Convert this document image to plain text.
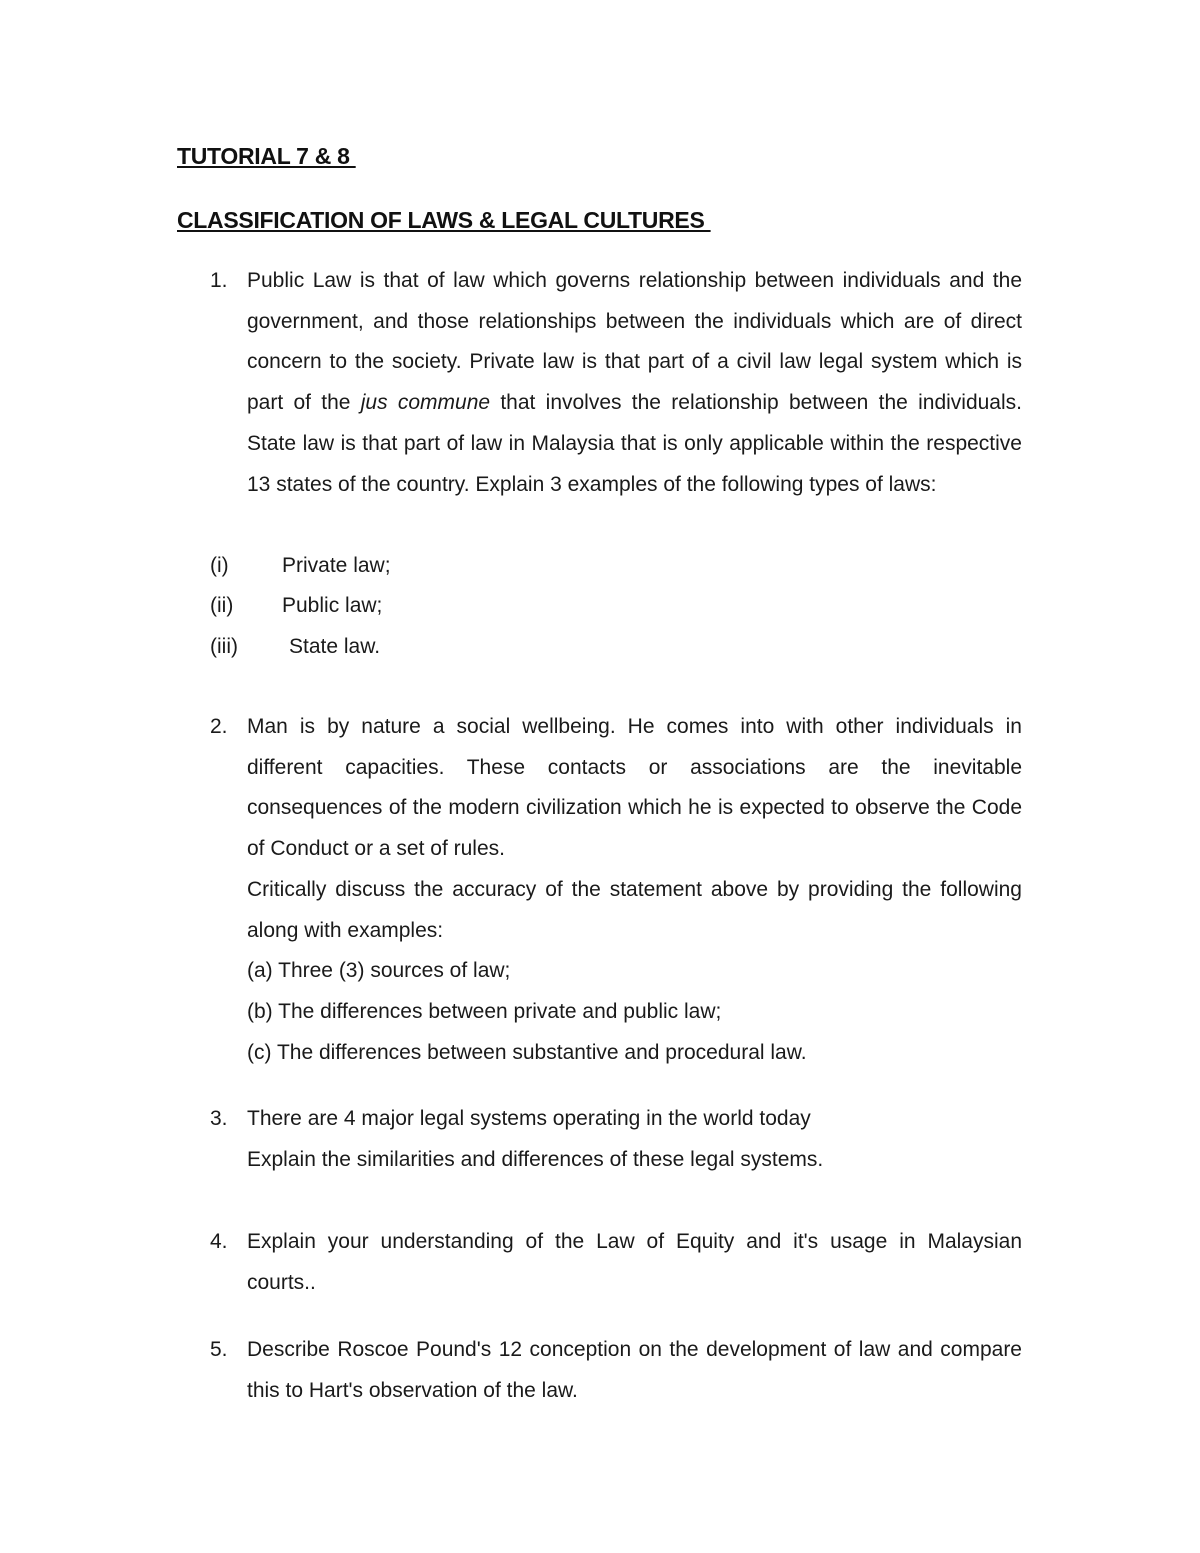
TUTORIAL 7 & 8
CLASSIFICATION OF LAWS & LEGAL CULTURES
1. Public Law is that of law which governs relationship between individuals and the government, and those relationships between the individuals which are of direct concern to the society. Private law is that part of a civil law legal system which is part of the jus commune that involves the relationship between the individuals. State law is that part of law in Malaysia that is only applicable within the respective 13 states of the country. Explain 3 examples of the following types of laws:
(i)	Private law;
(ii) Public law;
(iii) State law.
2. Man is by nature a social wellbeing. He comes into with other individuals in different capacities. These contacts or associations are the inevitable consequences of the modern civilization which he is expected to observe the Code of Conduct or a set of rules.
Critically discuss the accuracy of the statement above by providing the following along with examples:
(a) Three (3) sources of law;
(b) The differences between private and public law;
(c) The differences between substantive and procedural law.
3. There are 4 major legal systems operating in the world today
Explain the similarities and differences of these legal systems.
4. Explain your understanding of the Law of Equity and it's usage in Malaysian courts..
5. Describe Roscoe Pound's 12 conception on the development of law and compare this to Hart's observation of the law.
